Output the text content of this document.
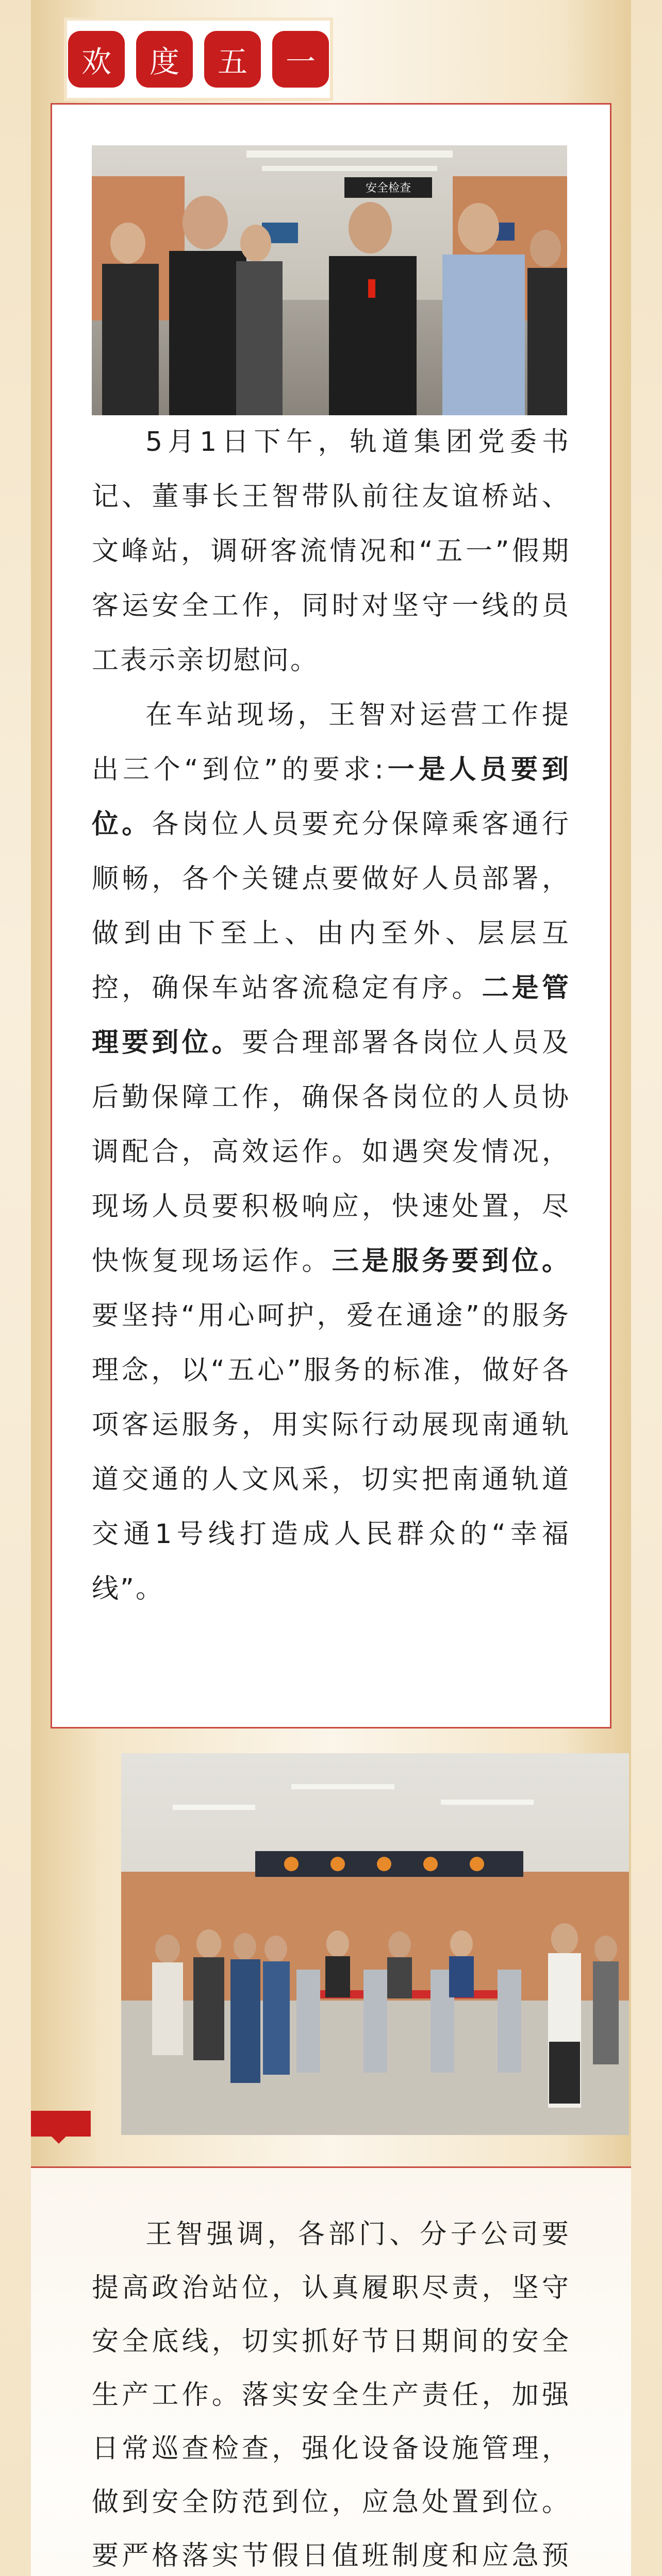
欢	度	五	一
安全检查

5月1日下午，轨道集团党委书记、董事长王智带队前往友谊桥站、文峰站，调研客流情况和“五一”假期客运安全工作，同时对坚守一线的员工表示亲切慰问。

在车站现场，王智对运营工作提出三个“到位”的要求:一是人员要到位。各岗位人员要充分保障乘客通行顺畅，各个关键点要做好人员部署，做到由下至上、由内至外、层层互控，确保车站客流稳定有序。二是管理要到位。要合理部署各岗位人员及后勤保障工作，确保各岗位的人员协调配合，高效运作。如遇突发情况，现场人员要积极响应，快速处置，尽快恢复现场运作。三是服务要到位。要坚持“用心呵护，爱在通途”的服务理念，以“五心”服务的标准，做好各项客运服务，用实际行动展现南通轨道交通的人文风采，切实把南通轨道交通1号线打造成人民群众的“幸福线”。

王智强调，各部门、分子公司要提高政治站位，认真履职尽责，坚守安全底线，切实抓好节日期间的安全生产工作。落实安全生产责任，加强日常巡查检查，强化设备设施管理，做到安全防范到位，应急处置到位。要严格落实节假日值班制度和应急预
